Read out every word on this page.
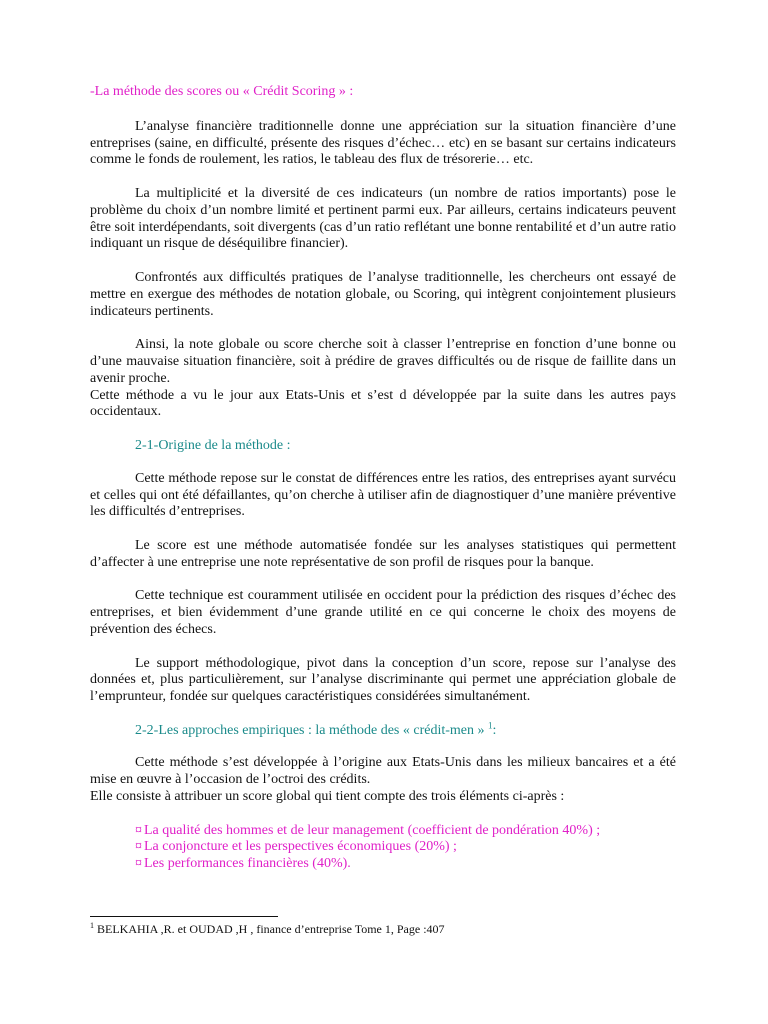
-La méthode des scores ou « Crédit Scoring » :

L’analyse financière traditionnelle donne une appréciation sur la situation financière d’une entreprises (saine, en difficulté, présente des risques d’échec… etc) en se basant sur certains indicateurs comme le fonds de roulement, les ratios, le tableau des flux de trésorerie… etc.

La multiplicité et la diversité de ces indicateurs (un nombre de ratios importants) pose le problème du choix d’un nombre limité et pertinent parmi eux. Par ailleurs, certains indicateurs peuvent être soit interdépendants, soit divergents (cas d’un ratio reflétant une bonne rentabilité et d’un autre ratio indiquant un risque de déséquilibre financier).

Confrontés aux difficultés pratiques de l’analyse traditionnelle, les chercheurs ont essayé de mettre en exergue des méthodes de notation globale, ou Scoring, qui intègrent conjointement plusieurs indicateurs pertinents.

Ainsi, la note globale ou score cherche soit à classer l’entreprise en fonction d’une bonne ou d’une mauvaise situation financière, soit à prédire de graves difficultés ou de risque de faillite dans un avenir proche.

Cette méthode a vu le jour aux Etats-Unis et s’est d développée par la suite dans les autres pays occidentaux.

2-1-Origine de la méthode :

Cette méthode repose sur le constat de différences entre les ratios, des entreprises ayant survécu et celles qui ont été défaillantes, qu’on cherche à utiliser afin de diagnostiquer d’une manière préventive les difficultés d’entreprises.

Le score est une méthode automatisée fondée sur les analyses statistiques qui permettent d’affecter à une entreprise une note représentative de son profil de risques pour la banque.

Cette technique est couramment utilisée en occident pour la prédiction des risques d’échec des entreprises, et bien évidemment d’une grande utilité en ce qui concerne le choix des moyens de prévention des échecs.

Le support méthodologique, pivot dans la conception d’un score, repose sur l’analyse des données et, plus particulièrement, sur l’analyse discriminante qui permet une appréciation globale de l’emprunteur, fondée sur quelques caractéristiques considérées simultanément.

2-2-Les approches empiriques : la méthode des « crédit-men » $^1$:

Cette méthode s’est développée à l’origine aux Etats-Unis dans les milieux bancaires et a été mise en œuvre à l’occasion de l’octroi des crédits.

Elle consiste à attribuer un score global qui tient compte des trois éléments ci-après :

¤ La qualité des hommes et de leur management (coefficient de pondération 40%) ;
¤ La conjoncture et les perspectives économiques (20%) ;
¤ Les performances financières (40%).
$^1$ BELKAHIA ,R. et OUDAD ,H , finance d’entreprise Tome 1, Page :407
